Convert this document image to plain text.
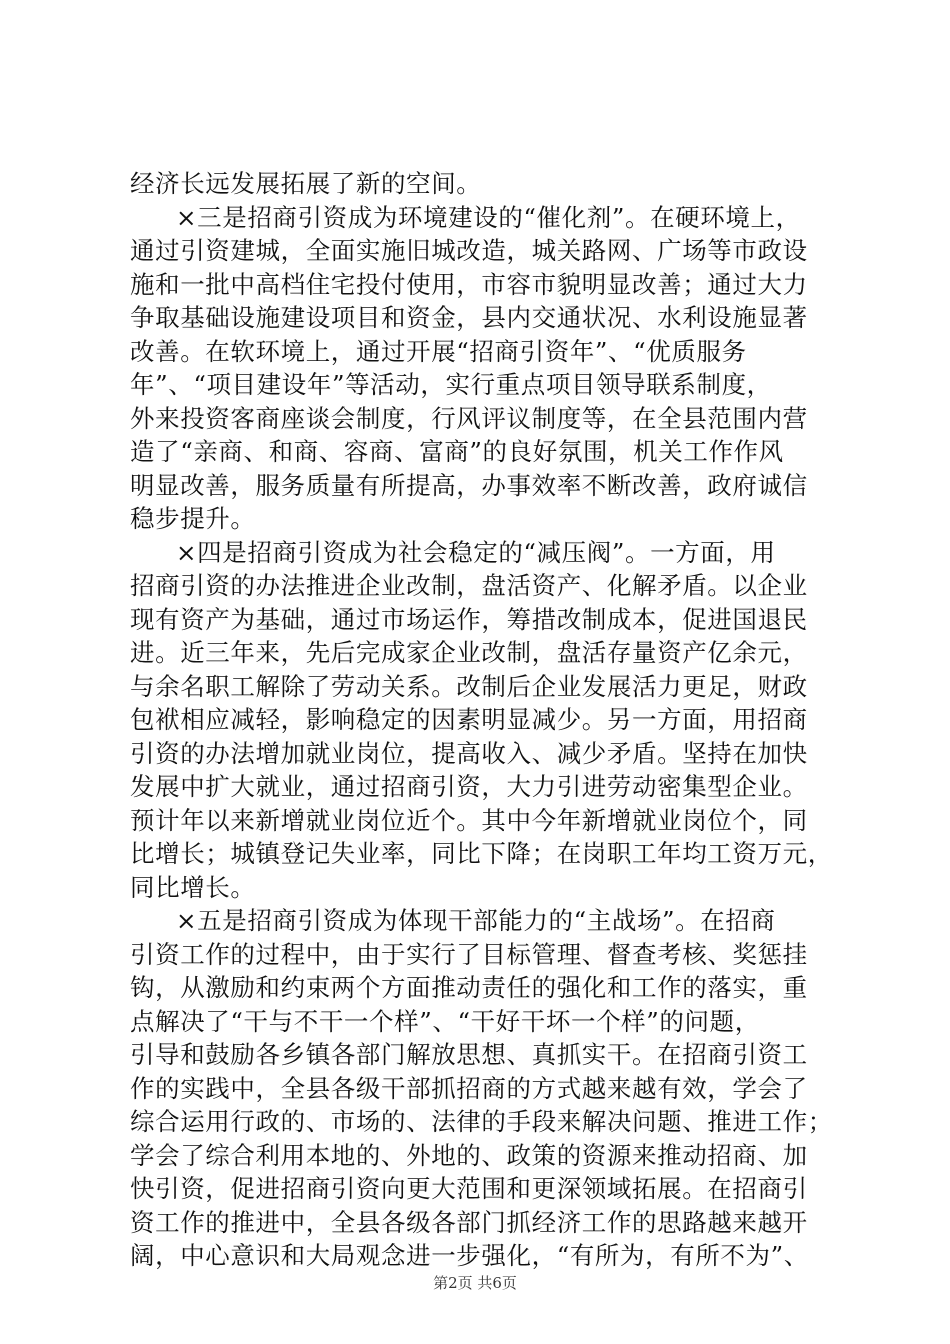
经济长远发展拓展了新的空间。
×三是招商引资成为环境建设的“催化剂”。在硬环境上，
通过引资建城，全面实施旧城改造，城关路网、广场等市政设
施和一批中高档住宅投付使用，市容市貌明显改善；通过大力
争取基础设施建设项目和资金，县内交通状况、水利设施显著
改善。在软环境上，通过开展“招商引资年”、“优质服务
年”、“项目建设年”等活动，实行重点项目领导联系制度，
外来投资客商座谈会制度，行风评议制度等，在全县范围内营
造了“亲商、和商、容商、富商”的良好氛围，机关工作作风
明显改善，服务质量有所提高，办事效率不断改善，政府诚信
稳步提升。
×四是招商引资成为社会稳定的“减压阀”。一方面，用
招商引资的办法推进企业改制，盘活资产、化解矛盾。以企业
现有资产为基础，通过市场运作，筹措改制成本，促进国退民
进。近三年来，先后完成家企业改制，盘活存量资产亿余元，
与余名职工解除了劳动关系。改制后企业发展活力更足，财政
包袱相应减轻，影响稳定的因素明显减少。另一方面，用招商
引资的办法增加就业岗位，提高收入、减少矛盾。坚持在加快
发展中扩大就业，通过招商引资，大力引进劳动密集型企业。
预计年以来新增就业岗位近个。其中今年新增就业岗位个，同
比增长；城镇登记失业率，同比下降；在岗职工年均工资万元，
同比增长。
×五是招商引资成为体现干部能力的“主战场”。在招商
引资工作的过程中，由于实行了目标管理、督查考核、奖惩挂
钩，从激励和约束两个方面推动责任的强化和工作的落实，重
点解决了“干与不干一个样”、“干好干坏一个样”的问题，
引导和鼓励各乡镇各部门解放思想、真抓实干。在招商引资工
作的实践中，全县各级干部抓招商的方式越来越有效，学会了
综合运用行政的、市场的、法律的手段来解决问题、推进工作；
学会了综合利用本地的、外地的、政策的资源来推动招商、加
快引资，促进招商引资向更大范围和更深领域拓展。在招商引
资工作的推进中，全县各级各部门抓经济工作的思路越来越开
阔，中心意识和大局观念进一步强化，“有所为，有所不为”、
第2页 共6页
